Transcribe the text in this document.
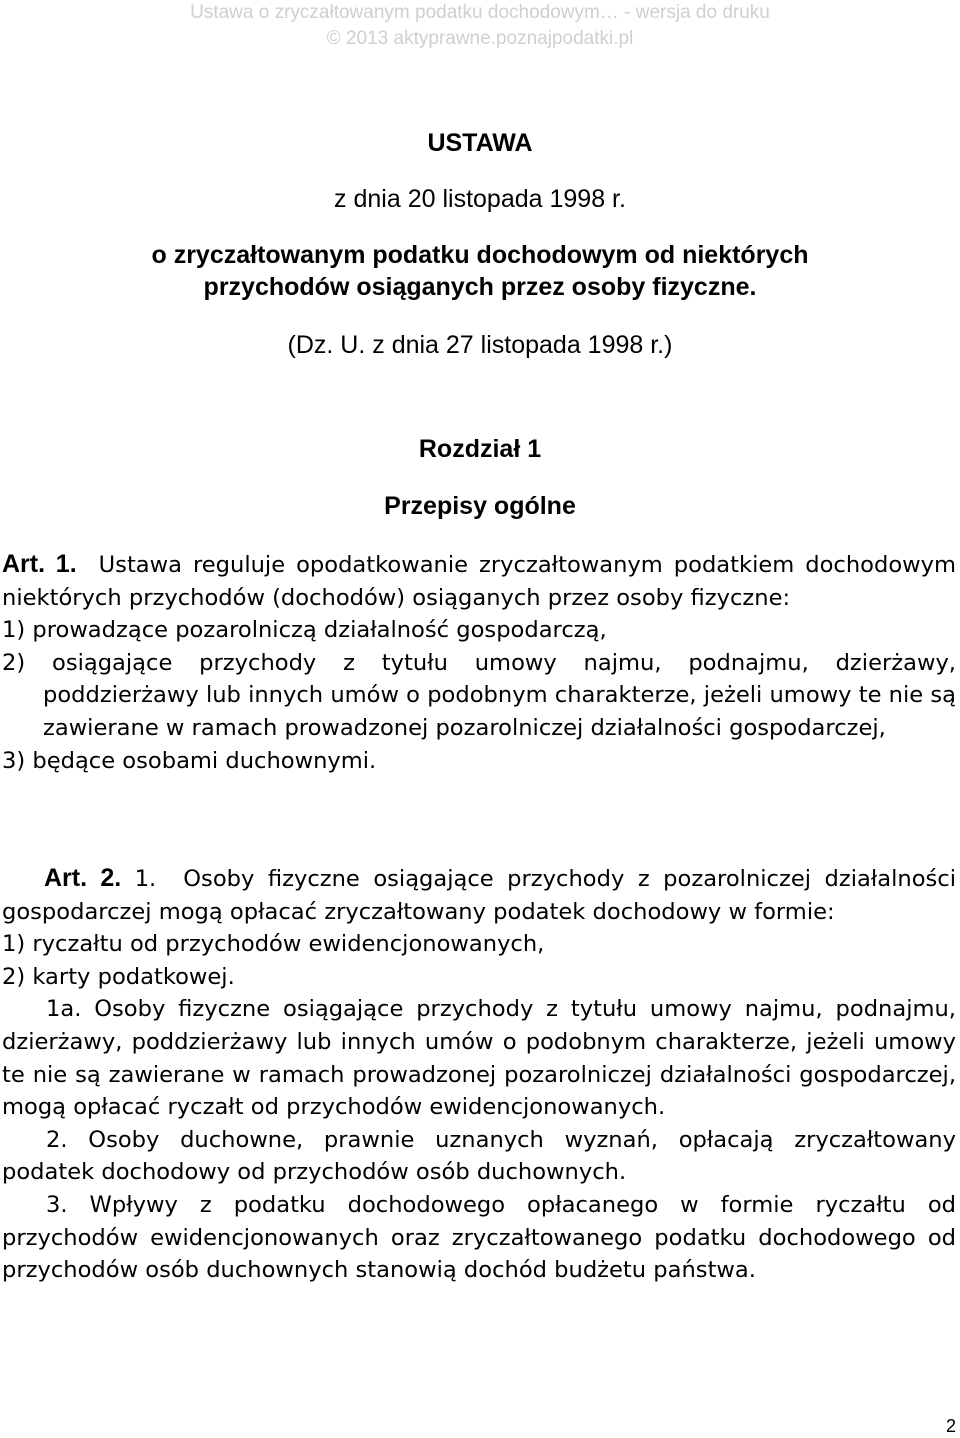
Ustawa o zryczałtowanym podatku dochodowym… - wersja do druku
© 2013 aktyprawne.poznajpodatki.pl
USTAWA
z dnia 20 listopada 1998 r.
o zryczałtowanym podatku dochodowym od niektórych
przychodów osiąganych przez osoby fizyczne.
(Dz. U. z dnia 27 listopada 1998 r.)
Rozdział 1
Przepisy ogólne

Art. 1. Ustawa reguluje opodatkowanie zryczałtowanym podatkiem dochodowym niektórych przychodów (dochodów) osiąganych przez osoby fizyczne:

1) prowadzące pozarolniczą działalność gospodarczą,

2) osiągające przychody z tytułu umowy najmu, podnajmu, dzierżawy, poddzierżawy lub innych umów o podobnym charakterze, jeżeli umowy te nie są zawierane w ramach prowadzonej pozarolniczej działalności gospodarczej,

3) będące osobami duchownymi.

Art. 2. 1. Osoby fizyczne osiągające przychody z pozarolniczej działalności gospodarczej mogą opłacać zryczałtowany podatek dochodowy w formie:

1) ryczałtu od przychodów ewidencjonowanych,

2) karty podatkowej.

1a. Osoby fizyczne osiągające przychody z tytułu umowy najmu, podnajmu, dzierżawy, poddzierżawy lub innych umów o podobnym charakterze, jeżeli umowy te nie są zawierane w ramach prowadzonej pozarolniczej działalności gospodarczej, mogą opłacać ryczałt od przychodów ewidencjonowanych.

2. Osoby duchowne, prawnie uznanych wyznań, opłacają zryczałtowany podatek dochodowy od przychodów osób duchownych.

3. Wpływy z podatku dochodowego opłacanego w formie ryczałtu od przychodów ewidencjonowanych oraz zryczałtowanego podatku dochodowego od przychodów osób duchownych stanowią dochód budżetu państwa.

2
